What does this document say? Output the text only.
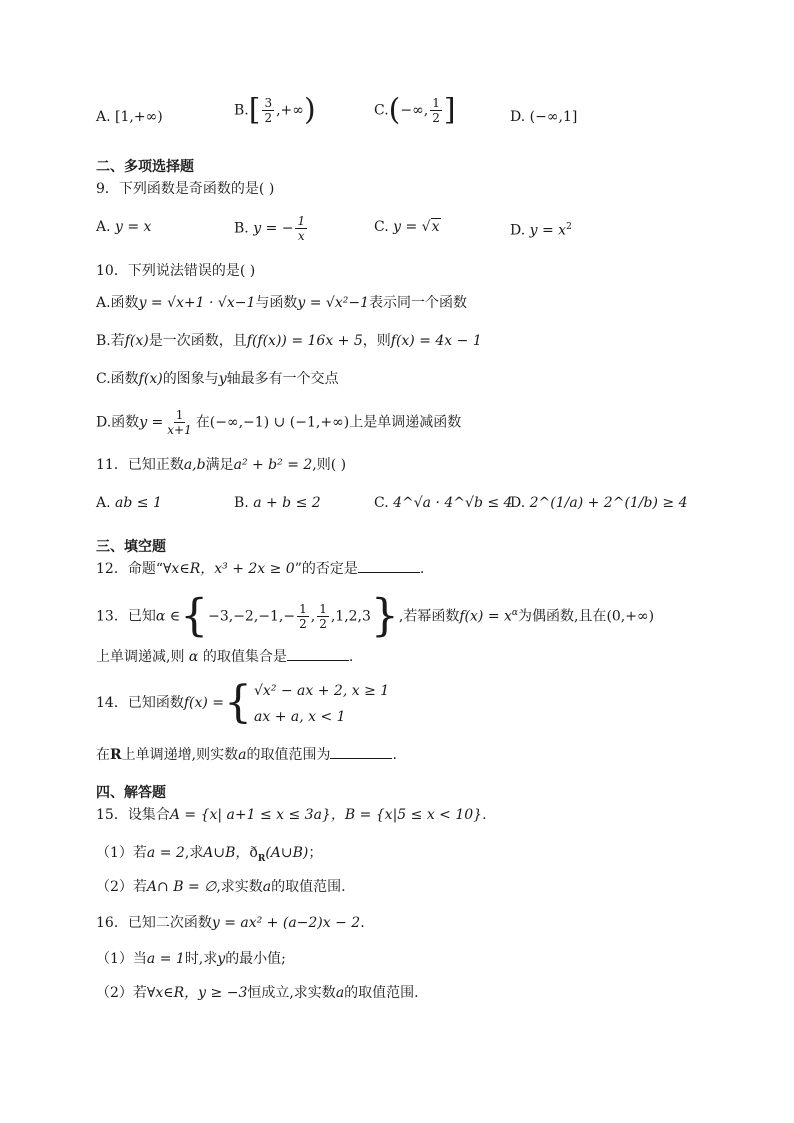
A. [1,+∞)	$B.[ \frac{3}{2}$ ,+∞)	C.(−∞, $\frac{1}{2}$ ]	D. (−∞,1]
二、多项选择题
9．下列函数是奇函数的是( )
A. y = x	B. y = − $\frac{1}{x}$	C. y = √x	D. $y = x^2$
10．下列说法错误的是( )
A.函数y = √x+1 · √x−1与函数y = √x²−1表示同一个函数
B.若f(x)是一次函数，且f(f(x)) = 16x + 5，则f(x) = 4x − 1
C.函数f(x)的图象与y轴最多有一个交点
D.函数$y = \frac{1}{x+1}$ 在(−∞,−1) ∪ (−1,+∞)上是单调递减函数
11．已知正数a,b满足a² + b² = 2,则( )
A. ab ≤ 1	B. a + b ≤ 2	C. 4^√a · 4^√b ≤ 4
D. 2^(1/a) + 2^(1/b) ≥ 4
三、填空题
12．命题“∀x∈R，x³ + 2x ≥ 0”的否定是	.
13．已知α ∈{−3,−2,−1,− $\frac{1}{2}$ , $\frac{1}{2} ,1,2,3$},若幂函数$f(x) = x^\alpha$为偶函数,且在(0,+∞)
上单调递减,则 α 的取值集合是	.
14．已知函数f(x) ={ √x² − ax + 2, x ≥ 1
ax + a, x < 1
在R上单调递增,则实数a的取值范围为	.
四、解答题
15．设集合A = {x| a+1 ≤ x ≤ 3a}，B = {x|5 ≤ x < 10}.
（1）若a = 2,求A∪B，$ð_R(A\cup B)$；
（2）若A∩ B = ∅,求实数a的取值范围.
16．已知二次函数y = ax² + (a−2)x − 2.
（1）当a = 1时,求y的最小值;
（2）若∀x∈R，y ≥ −3恒成立,求实数a的取值范围.
